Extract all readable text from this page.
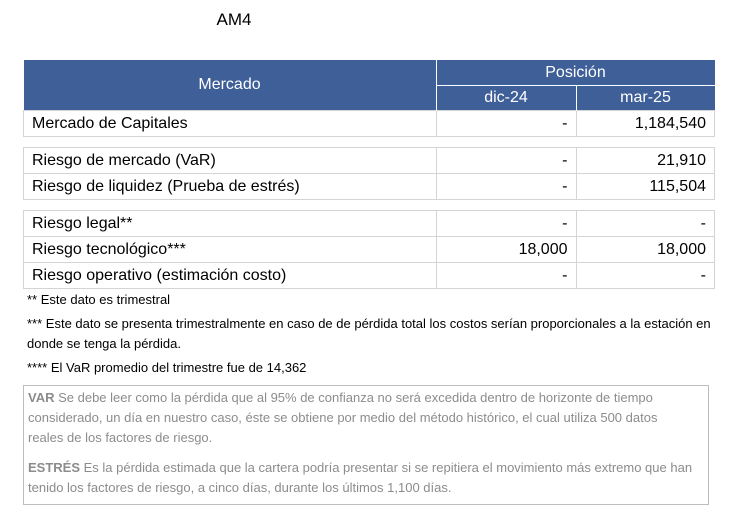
AM4
Mercado	Posición	
	dic-24	mar-25
Mercado de Capitales	-	1,184,540

Riesgo de mercado (VaR)	-	21,910
Riesgo de liquidez (Prueba de estrés)	-	115,504

Riesgo legal**	-	-
Riesgo tecnológico***	18,000	18,000
Riesgo operativo (estimación costo)	-	-

** Este dato es trimestral

*** Este dato se presenta trimestralmente en caso de de pérdida total los costos serían proporcionales a la estación en donde se tenga la pérdida.

**** El VaR promedio del trimestre fue de 14,362

VAR Se debe leer como la pérdida que al 95% de confianza no será excedida dentro de horizonte de tiempo considerado, un día en nuestro caso, éste se obtiene por medio del método histórico, el cual utiliza 500 datos reales de los factores de riesgo.

ESTRÉS Es la pérdida estimada que la cartera podría presentar si se repitiera el movimiento más extremo que han tenido los factores de riesgo, a cinco días, durante los últimos 1,100 días.
